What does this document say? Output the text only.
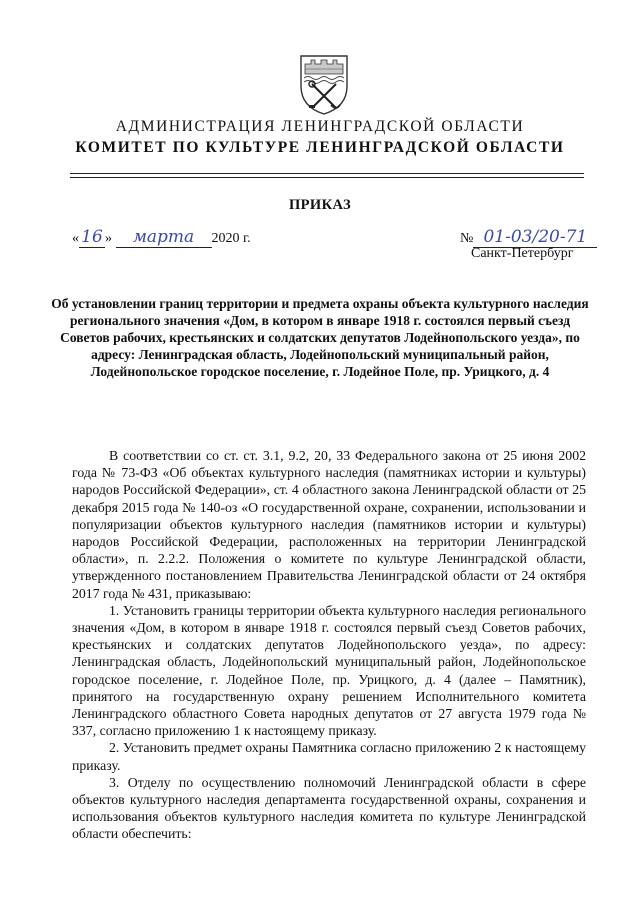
АДМИНИСТРАЦИЯ ЛЕНИНГРАДСКОЙ ОБЛАСТИ
КОМИТЕТ ПО КУЛЬТУРЕ ЛЕНИНГРАДСКОЙ ОБЛАСТИ
ПРИКАЗ
« 16 » марта 2020 г.	№ 01-03/20-71
Санкт-Петербург
Об установлении границ территории и предмета охраны объекта культурного наследия регионального значения «Дом, в котором в январе 1918 г. состоялся первый съезд Советов рабочих, крестьянских и солдатских депутатов Лодейнопольского уезда», по адресу: Ленинградская область, Лодейнопольский муниципальный район, Лодейнопольское городское поселение, г. Лодейное Поле, пр. Урицкого, д. 4

В соответствии со ст. ст. 3.1, 9.2, 20, 33 Федерального закона от 25 июня 2002 года № 73-ФЗ «Об объектах культурного наследия (памятниках истории и культуры) народов Российской Федерации», ст. 4 областного закона Ленинградской области от 25 декабря 2015 года № 140-оз «О государственной охране, сохранении, использовании и популяризации объектов культурного наследия (памятников истории и культуры) народов Российской Федерации, расположенных на территории Ленинградской области», п. 2.2.2. Положения о комитете по культуре Ленинградской области, утвержденного постановлением Правительства Ленинградской области от 24 октября 2017 года № 431, приказываю:

1. Установить границы территории объекта культурного наследия регионального значения «Дом, в котором в январе 1918 г. состоялся первый съезд Советов рабочих, крестьянских и солдатских депутатов Лодейнопольского уезда», по адресу: Ленинградская область, Лодейнопольский муниципальный район, Лодейнопольское городское поселение, г. Лодейное Поле, пр. Урицкого, д. 4 (далее – Памятник), принятого на государственную охрану решением Исполнительного комитета Ленинградского областного Совета народных депутатов от 27 августа 1979 года № 337, согласно приложению 1 к настоящему приказу.

2. Установить предмет охраны Памятника согласно приложению 2 к настоящему приказу.

3. Отделу по осуществлению полномочий Ленинградской области в сфере объектов культурного наследия департамента государственной охраны, сохранения и использования объектов культурного наследия комитета по культуре Ленинградской области обеспечить:
